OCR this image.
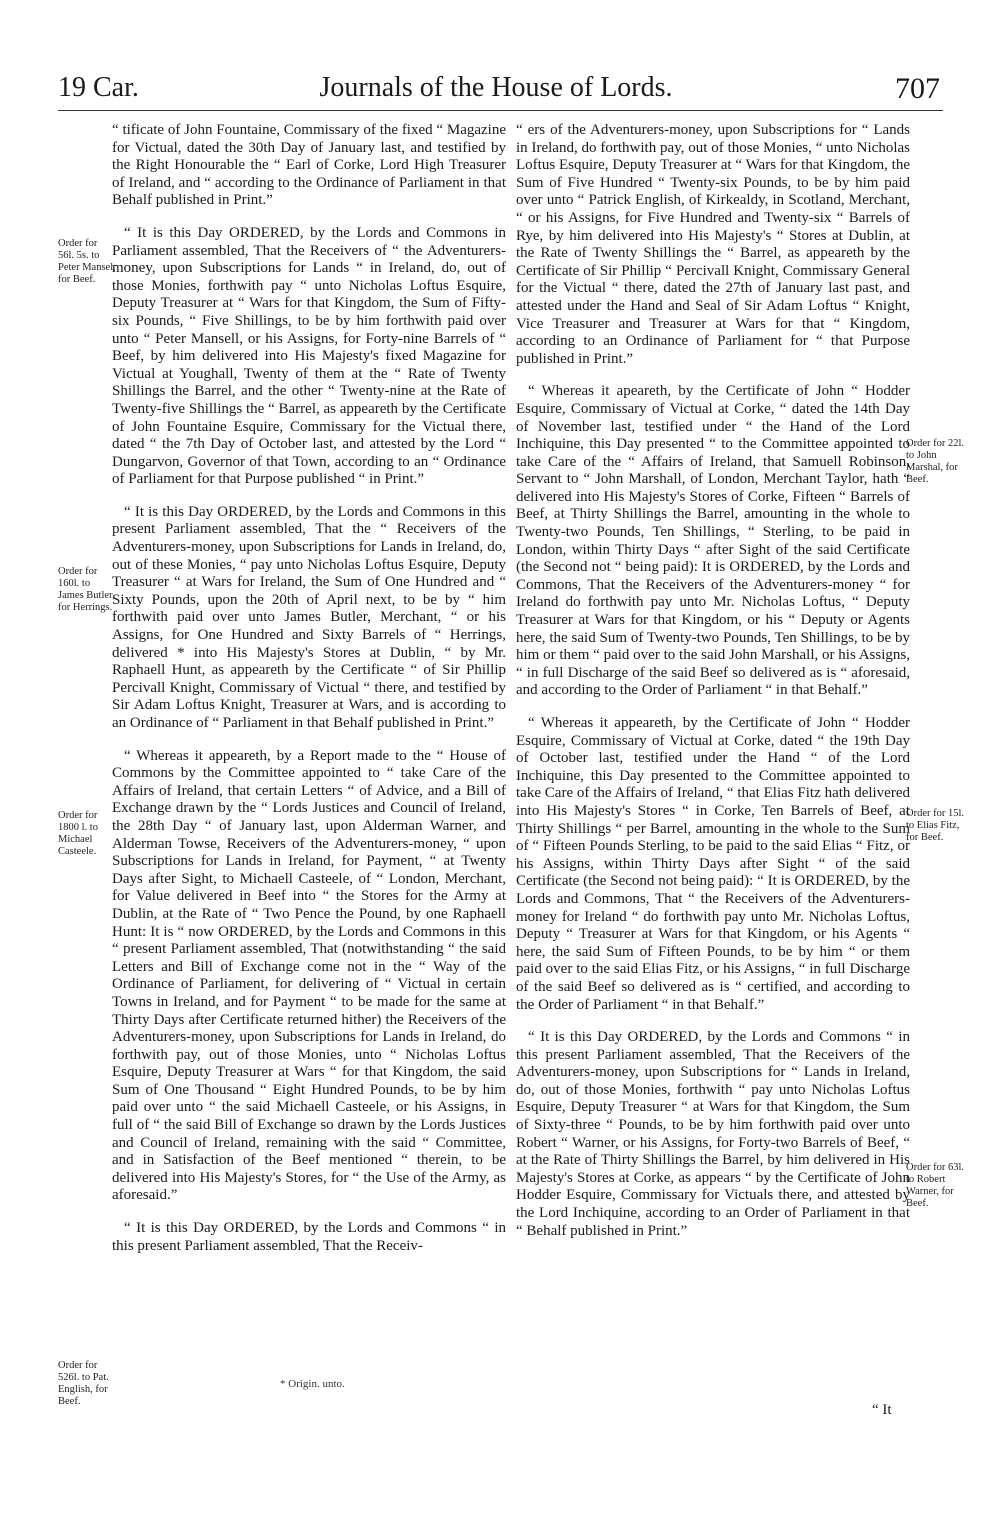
19 Car.	Journals of the House of Lords.	707

“ tificate of John Fountaine, Commissary of the fixed “ Magazine for Victual, dated the 30th Day of January last, and testified by the Right Honourable the “ Earl of Corke, Lord High Treasurer of Ireland, and “ according to the Ordinance of Parliament in that Behalf published in Print.”

“ It is this Day ORDERED, by the Lords and Commons in Parliament assembled, That the Receivers of “ the Adventurers-money, upon Subscriptions for Lands “ in Ireland, do, out of those Monies, forthwith pay “ unto Nicholas Loftus Esquire, Deputy Treasurer at “ Wars for that Kingdom, the Sum of Fifty-six Pounds, “ Five Shillings, to be by him forthwith paid over unto “ Peter Mansell, or his Assigns, for Forty-nine Barrels of “ Beef, by him delivered into His Majesty's fixed Magazine for Victual at Youghall, Twenty of them at the “ Rate of Twenty Shillings the Barrel, and the other “ Twenty-nine at the Rate of Twenty-five Shillings the “ Barrel, as appeareth by the Certificate of John Fountaine Esquire, Commissary for the Victual there, dated “ the 7th Day of October last, and attested by the Lord “ Dungarvon, Governor of that Town, according to an “ Ordinance of Parliament for that Purpose published “ in Print.”

“ It is this Day ORDERED, by the Lords and Commons in this present Parliament assembled, That the “ Receivers of the Adventurers-money, upon Subscriptions for Lands in Ireland, do, out of these Monies, “ pay unto Nicholas Loftus Esquire, Deputy Treasurer “ at Wars for Ireland, the Sum of One Hundred and “ Sixty Pounds, upon the 20th of April next, to be by “ him forthwith paid over unto James Butler, Merchant, “ or his Assigns, for One Hundred and Sixty Barrels of “ Herrings, delivered * into His Majesty's Stores at Dublin, “ by Mr. Raphaell Hunt, as appeareth by the Certificate “ of Sir Phillip Percivall Knight, Commissary of Victual “ there, and testified by Sir Adam Loftus Knight, Treasurer at Wars, and is according to an Ordinance of “ Parliament in that Behalf published in Print.”

“ Whereas it appeareth, by a Report made to the “ House of Commons by the Committee appointed to “ take Care of the Affairs of Ireland, that certain Letters “ of Advice, and a Bill of Exchange drawn by the “ Lords Justices and Council of Ireland, the 28th Day “ of January last, upon Alderman Warner, and Alderman Towse, Receivers of the Adventurers-money, “ upon Subscriptions for Lands in Ireland, for Payment, “ at Twenty Days after Sight, to Michaell Casteele, of “ London, Merchant, for Value delivered in Beef into “ the Stores for the Army at Dublin, at the Rate of “ Two Pence the Pound, by one Raphaell Hunt: It is “ now ORDERED, by the Lords and Commons in this “ present Parliament assembled, That (notwithstanding “ the said Letters and Bill of Exchange come not in the “ Way of the Ordinance of Parliament, for delivering of “ Victual in certain Towns in Ireland, and for Payment “ to be made for the same at Thirty Days after Certificate returned hither) the Receivers of the Adventurers-money, upon Subscriptions for Lands in Ireland, do forthwith pay, out of those Monies, unto “ Nicholas Loftus Esquire, Deputy Treasurer at Wars “ for that Kingdom, the said Sum of One Thousand “ Eight Hundred Pounds, to be by him paid over unto “ the said Michaell Casteele, or his Assigns, in full of “ the said Bill of Exchange so drawn by the Lords Justices and Council of Ireland, remaining with the said “ Committee, and in Satisfaction of the Beef mentioned “ therein, to be delivered into His Majesty's Stores, for “ the Use of the Army, as aforesaid.”

“ It is this Day ORDERED, by the Lords and Commons “ in this present Parliament assembled, That the Receiv-

“ ers of the Adventurers-money, upon Subscriptions for “ Lands in Ireland, do forthwith pay, out of those Monies, “ unto Nicholas Loftus Esquire, Deputy Treasurer at “ Wars for that Kingdom, the Sum of Five Hundred “ Twenty-six Pounds, to be by him paid over unto “ Patrick English, of Kirkealdy, in Scotland, Merchant, “ or his Assigns, for Five Hundred and Twenty-six “ Barrels of Rye, by him delivered into His Majesty's “ Stores at Dublin, at the Rate of Twenty Shillings the “ Barrel, as appeareth by the Certificate of Sir Phillip “ Percivall Knight, Commissary General for the Victual “ there, dated the 27th of January last past, and attested under the Hand and Seal of Sir Adam Loftus “ Knight, Vice Treasurer and Treasurer at Wars for that “ Kingdom, according to an Ordinance of Parliament for “ that Purpose published in Print.”

“ Whereas it apeareth, by the Certificate of John “ Hodder Esquire, Commissary of Victual at Corke, “ dated the 14th Day of November last, testified under “ the Hand of the Lord Inchiquine, this Day presented “ to the Committee appointed to take Care of the “ Affairs of Ireland, that Samuell Robinson, Servant to “ John Marshall, of London, Merchant Taylor, hath “ delivered into His Majesty's Stores of Corke, Fifteen “ Barrels of Beef, at Thirty Shillings the Barrel, amounting in the whole to Twenty-two Pounds, Ten Shillings, “ Sterling, to be paid in London, within Thirty Days “ after Sight of the said Certificate (the Second not “ being paid): It is ORDERED, by the Lords and Commons, That the Receivers of the Adventurers-money “ for Ireland do forthwith pay unto Mr. Nicholas Loftus, “ Deputy Treasurer at Wars for that Kingdom, or his “ Deputy or Agents here, the said Sum of Twenty-two Pounds, Ten Shillings, to be by him or them “ paid over to the said John Marshall, or his Assigns, “ in full Discharge of the said Beef so delivered as is “ aforesaid, and according to the Order of Parliament “ in that Behalf.”

“ Whereas it appeareth, by the Certificate of John “ Hodder Esquire, Commissary of Victual at Corke, dated “ the 19th Day of October last, testified under the Hand “ of the Lord Inchiquine, this Day presented to the Committee appointed to take Care of the Affairs of Ireland, “ that Elias Fitz hath delivered into His Majesty's Stores “ in Corke, Ten Barrels of Beef, at Thirty Shillings “ per Barrel, amounting in the whole to the Sum of “ Fifteen Pounds Sterling, to be paid to the said Elias “ Fitz, or his Assigns, within Thirty Days after Sight “ of the said Certificate (the Second not being paid): “ It is ORDERED, by the Lords and Commons, That “ the Receivers of the Adventurers-money for Ireland “ do forthwith pay unto Mr. Nicholas Loftus, Deputy “ Treasurer at Wars for that Kingdom, or his Agents “ here, the said Sum of Fifteen Pounds, to be by him “ or them paid over to the said Elias Fitz, or his Assigns, “ in full Discharge of the said Beef so delivered as is “ certified, and according to the Order of Parliament “ in that Behalf.”

“ It is this Day ORDERED, by the Lords and Commons “ in this present Parliament assembled, That the Receivers of the Adventurers-money, upon Subscriptions for “ Lands in Ireland, do, out of those Monies, forthwith “ pay unto Nicholas Loftus Esquire, Deputy Treasurer “ at Wars for that Kingdom, the Sum of Sixty-three “ Pounds, to be by him forthwith paid over unto Robert “ Warner, or his Assigns, for Forty-two Barrels of Beef, “ at the Rate of Thirty Shillings the Barrel, by him delivered in His Majesty's Stores at Corke, as appears “ by the Certificate of John Hodder Esquire, Commissary for Victuals there, and attested by the Lord Inchiquine, according to an Order of Parliament in that “ Behalf published in Print.”

Order for 56l. 5s. to Peter Mansel, for Beef.
Order for 160l. to James Butler, for Herrings.
Order for 1800 l. to Michael Casteele.
Order for 526l. to Pat. English, for Beef.
Order for 22l. to John Marshal, for Beef.
Order for 15l. to Elias Fitz, for Beef.
Order for 63l. to Robert Warner, for Beef.
* Origin. unto.
“ It
